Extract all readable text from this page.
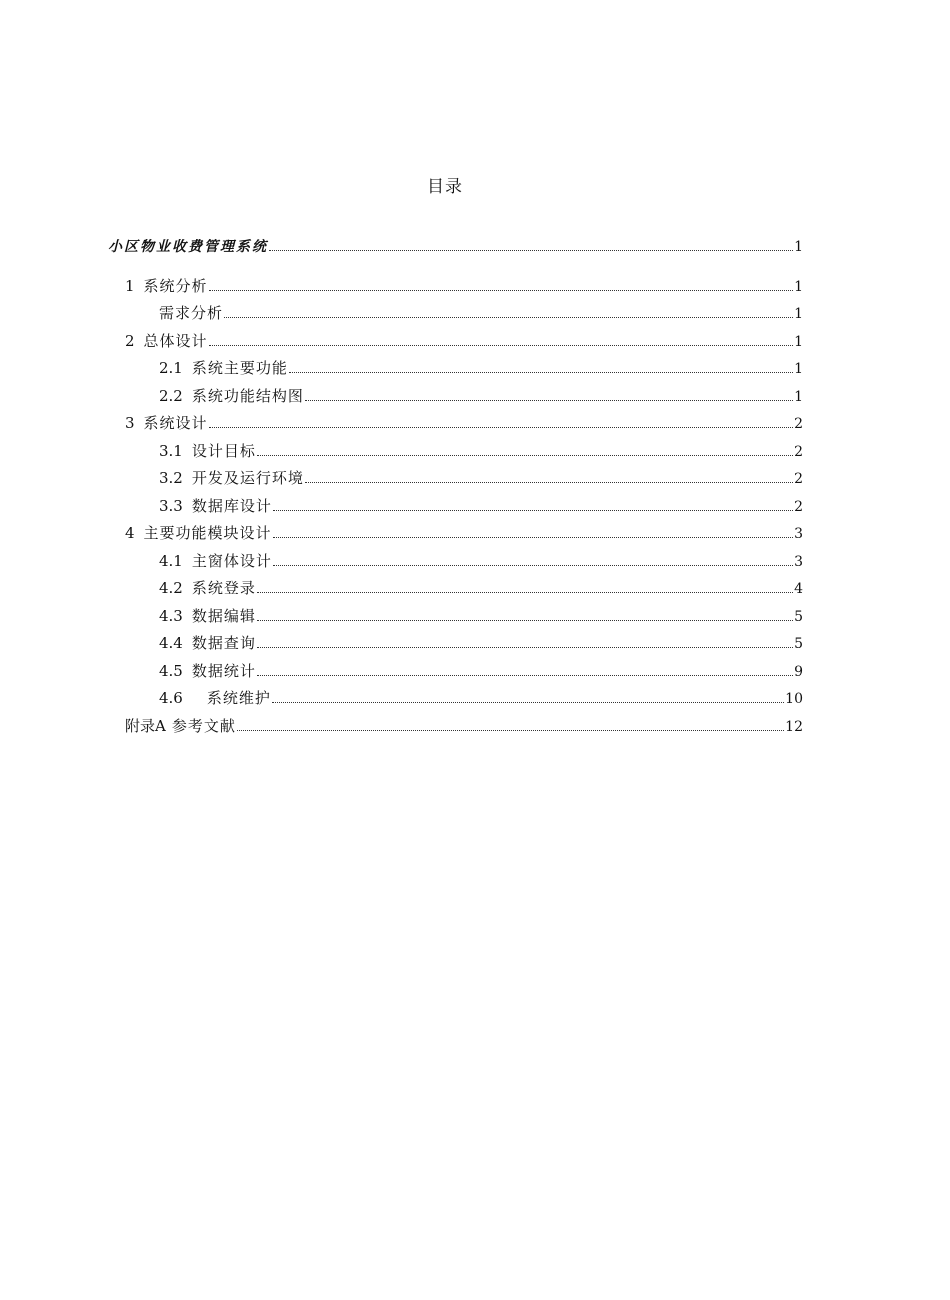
目录
小区物业收费管理系统	1
1 系统分析	1
需求分析	1
2 总体设计	1
2.1 系统主要功能	1
2.2 系统功能结构图	1
3 系统设计	2
3.1 设计目标	2
3.2 开发及运行环境	2
3.3 数据库设计	2
4 主要功能模块设计	3
4.1 主窗体设计	3
4.2 系统登录	4
4.3 数据编辑	5
4.4 数据查询	5
4.5 数据统计	9
4.6 系统维护	10
附录A 参考文献	12
